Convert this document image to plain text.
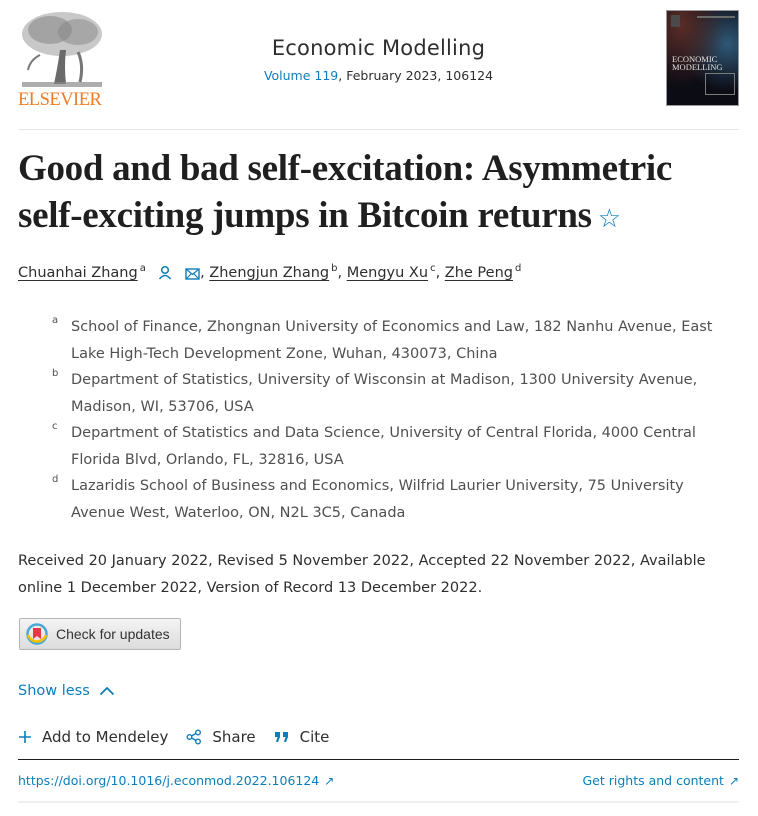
ELSEVIER
Economic Modelling
Volume 119, February 2023, 106124
ECONOMIC
MODELLING
Good and bad self-excitation: Asymmetric self-exciting jumps in Bitcoin returns ☆
Chuanhai Zhang $^a$	, Zhengjun Zhang $^b$, Mengyu Xu $^c$, Zhe Peng $^d$
a School of Finance, Zhongnan University of Economics and Law, 182 Nanhu Avenue, East Lake High-Tech Development Zone, Wuhan, 430073, China
b Department of Statistics, University of Wisconsin at Madison, 1300 University Avenue, Madison, WI, 53706, USA
c Department of Statistics and Data Science, University of Central Florida, 4000 Central Florida Blvd, Orlando, FL, 32816, USA
d Lazaridis School of Business and Economics, Wilfrid Laurier University, 75 University Avenue West, Waterloo, ON, N2L 3C5, Canada
Received 20 January 2022, Revised 5 November 2022, Accepted 22 November 2022, Available online 1 December 2022, Version of Record 13 December 2022.
Check for updates
Show less
Add to Mendeley	Share	Cite
https://doi.org/10.1016/j.econmod.2022.106124 ↗	Get rights and content ↗
